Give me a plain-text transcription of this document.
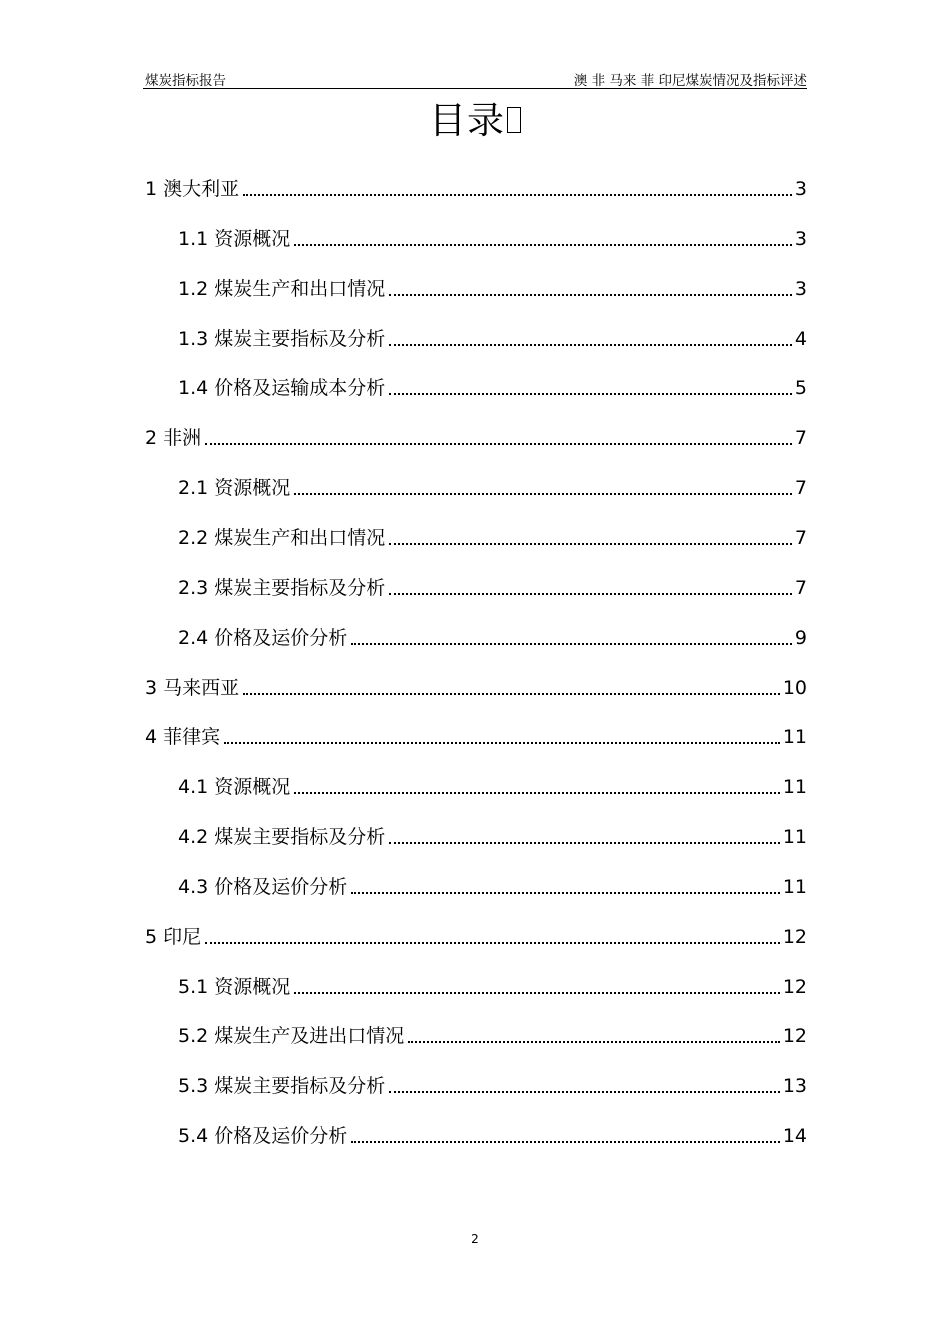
煤炭指标报告	澳 非 马来 菲 印尼煤炭情况及指标评述
目录
1 澳大利亚	3
1.1 资源概况	3
1.2 煤炭生产和出口情况	3
1.3 煤炭主要指标及分析	4
1.4 价格及运输成本分析	5
2 非洲	7
2.1 资源概况	7
2.2 煤炭生产和出口情况	7
2.3 煤炭主要指标及分析	7
2.4 价格及运价分析	9
3 马来西亚	10
4 菲律宾	11
4.1 资源概况	11
4.2 煤炭主要指标及分析	11
4.3 价格及运价分析	11
5 印尼	12
5.1 资源概况	12
5.2 煤炭生产及进出口情况	12
5.3 煤炭主要指标及分析	13
5.4 价格及运价分析	14
2
